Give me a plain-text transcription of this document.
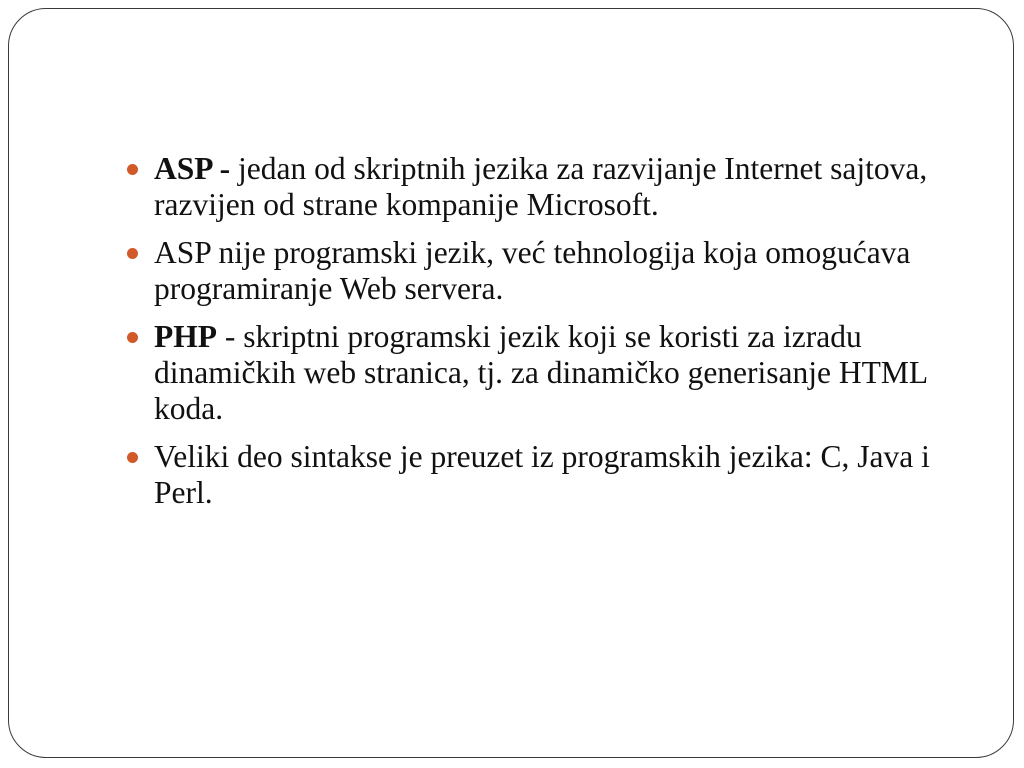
ASP - jedan od skriptnih jezika za razvijanje Internet sajtova, razvijen od strane kompanije Microsoft.
ASP nije programski jezik, već tehnologija koja omogućava programiranje Web servera.
PHP - skriptni programski jezik koji se koristi za izradu dinamičkih web stranica, tj. za dinamičko generisanje HTML koda.
Veliki deo sintakse je preuzet iz programskih jezika: C, Java i Perl.
